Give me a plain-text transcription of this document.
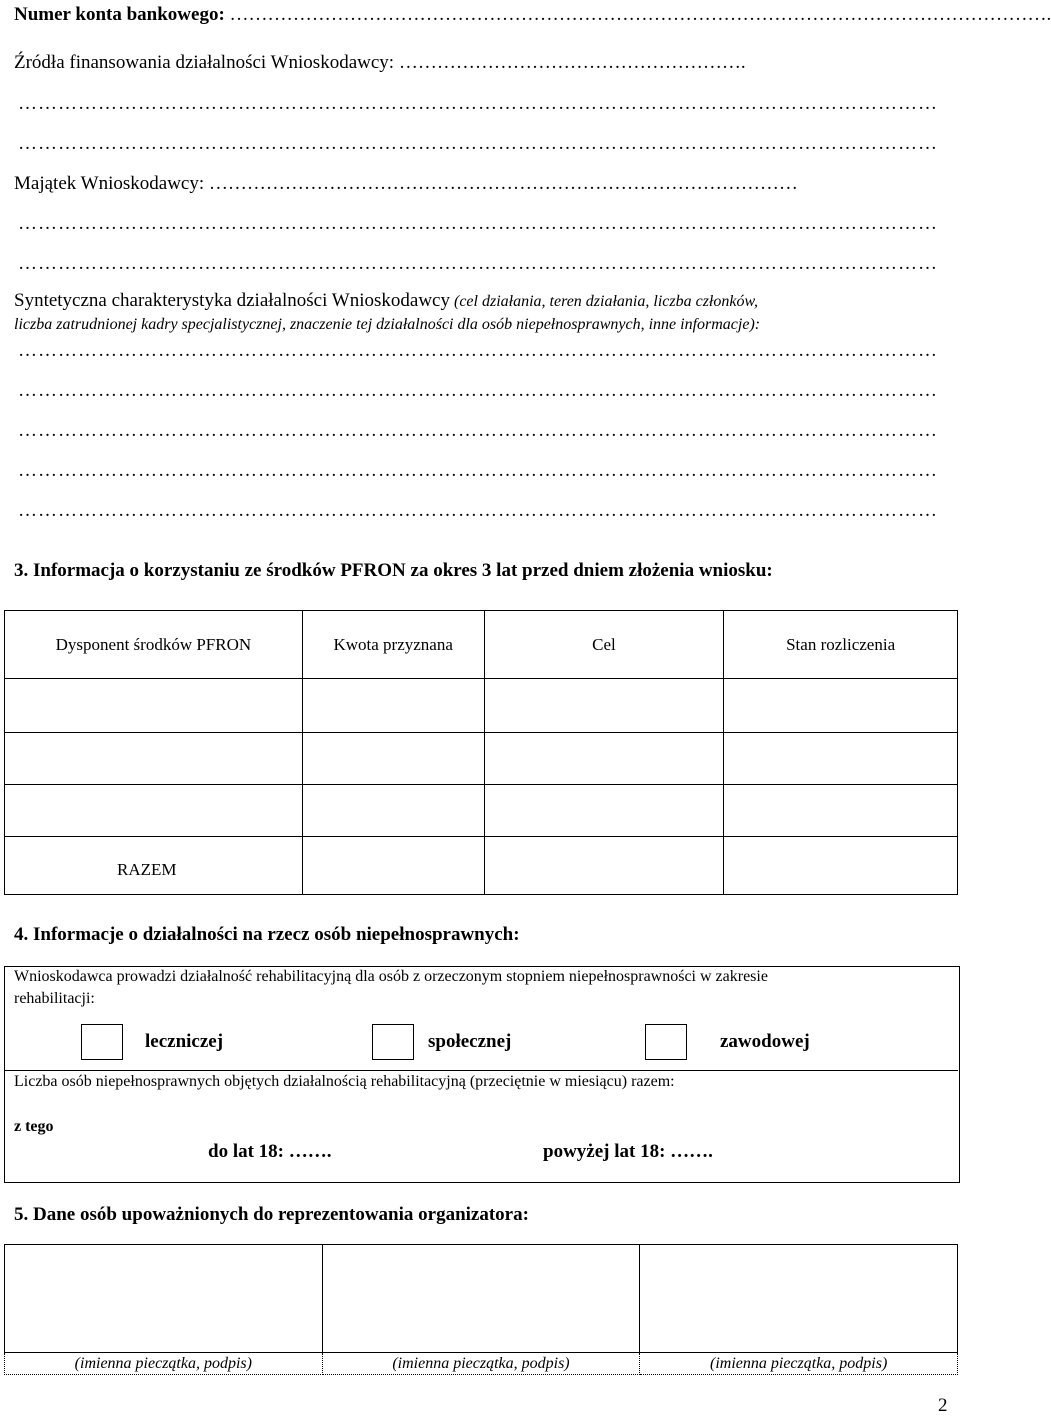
Numer konta bankowego: ………………………………………………………………………………………………………………….
Źródła finansowania działalności Wnioskodawcy: ……………………………………………….
…………………………………………………………………………………………………………………………
…………………………………………………………………………………………………………………………
Majątek Wnioskodawcy: …………………………………………………………………………………
…………………………………………………………………………………………………………………………
…………………………………………………………………………………………………………………………
Syntetyczna charakterystyka działalności Wnioskodawcy (cel działania, teren działania, liczba członków,
liczba zatrudnionej kadry specjalistycznej, znaczenie tej działalności dla osób niepełnosprawnych, inne informacje):
…………………………………………………………………………………………………………………………
…………………………………………………………………………………………………………………………
…………………………………………………………………………………………………………………………
…………………………………………………………………………………………………………………………
…………………………………………………………………………………………………………………………
3. Informacja o korzystaniu ze środków PFRON za okres 3 lat przed dniem złożenia wniosku:
Dysponent środków PFRON	Kwota przyznana	Cel	Stan rozliczenia

RAZEM			
4. Informacje o działalności na rzecz osób niepełnosprawnych:
Wnioskodawca prowadzi działalność rehabilitacyjną dla osób z orzeczonym stopniem niepełnosprawności w zakresie
rehabilitacji:
leczniczej	społecznej	zawodowej
Liczba osób niepełnosprawnych objętych działalnością rehabilitacyjną (przeciętnie w miesiącu) razem:
z tego
do lat 18: …….	powyżej lat 18: …….
5. Dane osób upoważnionych do reprezentowania organizatora:

(imienna pieczątka, podpis)	(imienna pieczątka, podpis)	(imienna pieczątka, podpis)
2
